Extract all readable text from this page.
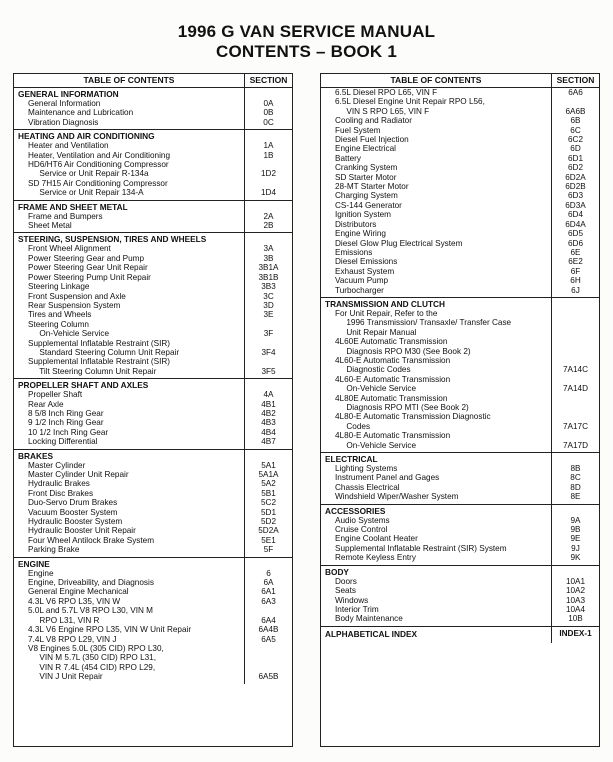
1996 G VAN SERVICE MANUAL
CONTENTS – BOOK 1
TABLE OF CONTENTS	SECTION
GENERAL INFORMATION
General Information	0A
Maintenance and Lubrication	0B
Vibration Diagnosis	0C
HEATING AND AIR CONDITIONING
Heater and Ventilation	1A
Heater, Ventilation and Air Conditioning	1B
HD6/HT6 Air Conditioning Compressor
Service or Unit Repair R-134a	1D2
SD 7H15 Air Conditioning Compressor
Service or Unit Repair 134-A	1D4
FRAME AND SHEET METAL
Frame and Bumpers	2A
Sheet Metal	2B
STEERING, SUSPENSION, TIRES AND WHEELS
Front Wheel Alignment	3A
Power Steering Gear and Pump	3B
Power Steering Gear Unit Repair	3B1A
Power Steering Pump Unit Repair	3B1B
Steering Linkage	3B3
Front Suspension and Axle	3C
Rear Suspension System	3D
Tires and Wheels	3E
Steering Column
On-Vehicle Service	3F
Supplemental Inflatable Restraint (SIR)
Standard Steering Column Unit Repair	3F4
Supplemental Inflatable Restraint (SIR)
Tilt Steering Column Unit Repair	3F5
PROPELLER SHAFT AND AXLES
Propeller Shaft	4A
Rear Axle	4B1
8 5/8 Inch Ring Gear	4B2
9 1/2 Inch Ring Gear	4B3
10 1/2 Inch Ring Gear	4B4
Locking Differential	4B7
BRAKES
Master Cylinder	5A1
Master Cylinder Unit Repair	5A1A
Hydraulic Brakes	5A2
Front Disc Brakes	5B1
Duo-Servo Drum Brakes	5C2
Vacuum Booster System	5D1
Hydraulic Booster System	5D2
Hydraulic Booster Unit Repair	5D2A
Four Wheel Antilock Brake System	5E1
Parking Brake	5F
ENGINE
Engine	6
Engine, Driveability, and Diagnosis	6A
General Engine Mechanical	6A1
4.3L V6 RPO L35, VIN W	6A3
5.0L and 5.7L V8 RPO L30, VIN M
RPO L31, VIN R	6A4
4.3L V6 Engine RPO L35, VIN W Unit Repair	6A4B
7.4L V8 RPO L29, VIN J	6A5
V8 Engines 5.0L (305 CID) RPO L30,
VIN M 5.7L (350 CID) RPO L31,
VIN R 7.4L (454 CID) RPO L29,
VIN J Unit Repair	6A5B
TABLE OF CONTENTS	SECTION
6.5L Diesel RPO L65, VIN F	6A6
6.5L Diesel Engine Unit Repair RPO L56,
VIN S RPO L65, VIN F	6A6B
Cooling and Radiator	6B
Fuel System	6C
Diesel Fuel Injection	6C2
Engine Electrical	6D
Battery	6D1
Cranking System	6D2
SD Starter Motor	6D2A
28-MT Starter Motor	6D2B
Charging System	6D3
CS-144 Generator	6D3A
Ignition System	6D4
Distributors	6D4A
Engine Wiring	6D5
Diesel Glow Plug Electrical System	6D6
Emissions	6E
Diesel Emissions	6E2
Exhaust System	6F
Vacuum Pump	6H
Turbocharger	6J
TRANSMISSION AND CLUTCH
For Unit Repair, Refer to the
1996 Transmission/ Transaxle/ Transfer Case
Unit Repair Manual
4L60E Automatic Transmission
Diagnosis RPO M30 (See Book 2)
4L60-E Automatic Transmission
Diagnostic Codes	7A14C
4L60-E Automatic Transmission
On-Vehicle Service	7A14D
4L80E Automatic Transmission
Diagnosis RPO MTI (See Book 2)
4L80-E Automatic Transmission Diagnostic
Codes	7A17C
4L80-E Automatic Transmission
On-Vehicle Service	7A17D
ELECTRICAL
Lighting Systems	8B
Instrument Panel and Gages	8C
Chassis Electrical	8D
Windshield Wiper/Washer System	8E
ACCESSORIES
Audio Systems	9A
Cruise Control	9B
Engine Coolant Heater	9E
Supplemental Inflatable Restraint (SIR) System	9J
Remote Keyless Entry	9K
BODY
Doors	10A1
Seats	10A2
Windows	10A3
Interior Trim	10A4
Body Maintenance	10B
ALPHABETICAL INDEX	INDEX-1
